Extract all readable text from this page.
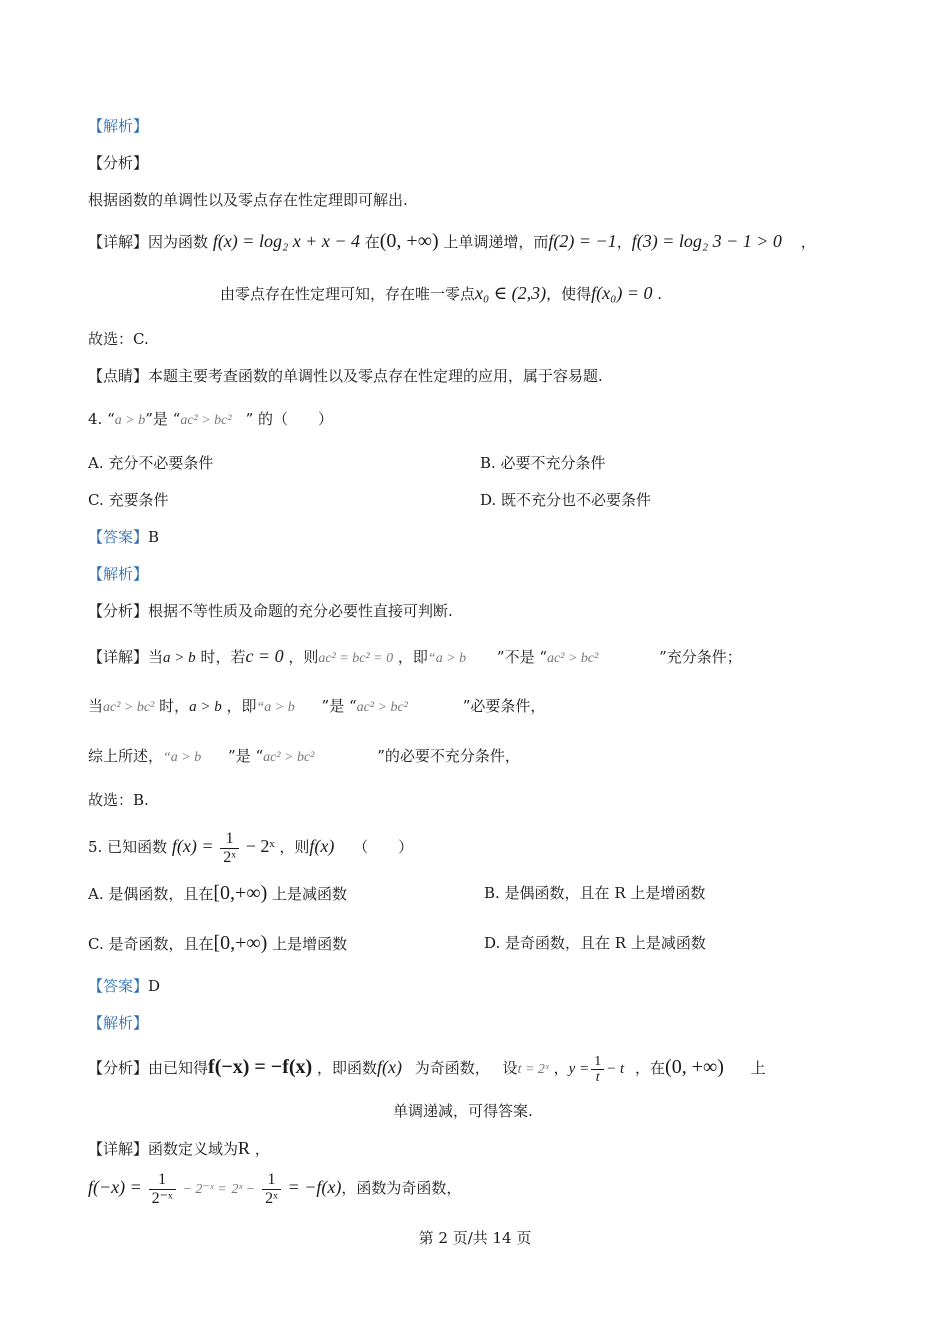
【解析】
【分析】
根据函数的单调性以及零点存在性定理即可解出.
【详解】因为函数 f(x) = log₂ x + x − 4 在(0, +∞) 上单调递增，而f(2) = −1，f(3) = log₂ 3 − 1 > 0 ，
由零点存在性定理可知，存在唯一零点x₀ ∈ (2,3)，使得f(x₀) = 0 .
故选：C.
【点睛】本题主要考查函数的单调性以及零点存在性定理的应用，属于容易题.
4. “a > b”是 “ac² > bc² ” 的（　　）
A. 充分不必要条件	B. 必要不充分条件
C. 充要条件	D. 既不充分也不必要条件
【答案】B
【解析】
【分析】根据不等性质及命题的充分必要性直接可判断.
【详解】当a > b 时，若c = 0 ，则ac² = bc² = 0 ，即“a > b ”不是 “ac² > bc²	”充分条件；
当ac² > bc² 时，a > b ，即“a > b ”是 “ac² > bc²	”必要条件，
综上所述，“a > b ”是 “ac² > bc²	”的必要不充分条件，
故选：B.
5. 已知函数 $f(x) = \frac{1}{\text{2ˣ}}$ − 2ˣ ，则f(x) （　　）
A. 是偶函数，且在[0,+∞) 上是减函数	B. 是偶函数，且在 R 上是增函数
C. 是奇函数，且在[0,+∞) 上是增函数	D. 是奇函数，且在 R 上是减函数
【答案】D
【解析】
【分析】由已知得f(−x) = −f(x) ，即函数f(x) 为奇函数， 设t = 2ˣ ，$y = \frac{1}{t} - t$ ，在(0, +∞) 上
单调递减，可得答案.
【详解】函数定义域为R ，
$f(-x) = \frac{1}{\text{2⁻ˣ}}$ − 2⁻ˣ = 2ˣ − $\frac{1}{\text{2ˣ}} = -f(x)$，函数为奇函数，
第 2 页/共 14 页
